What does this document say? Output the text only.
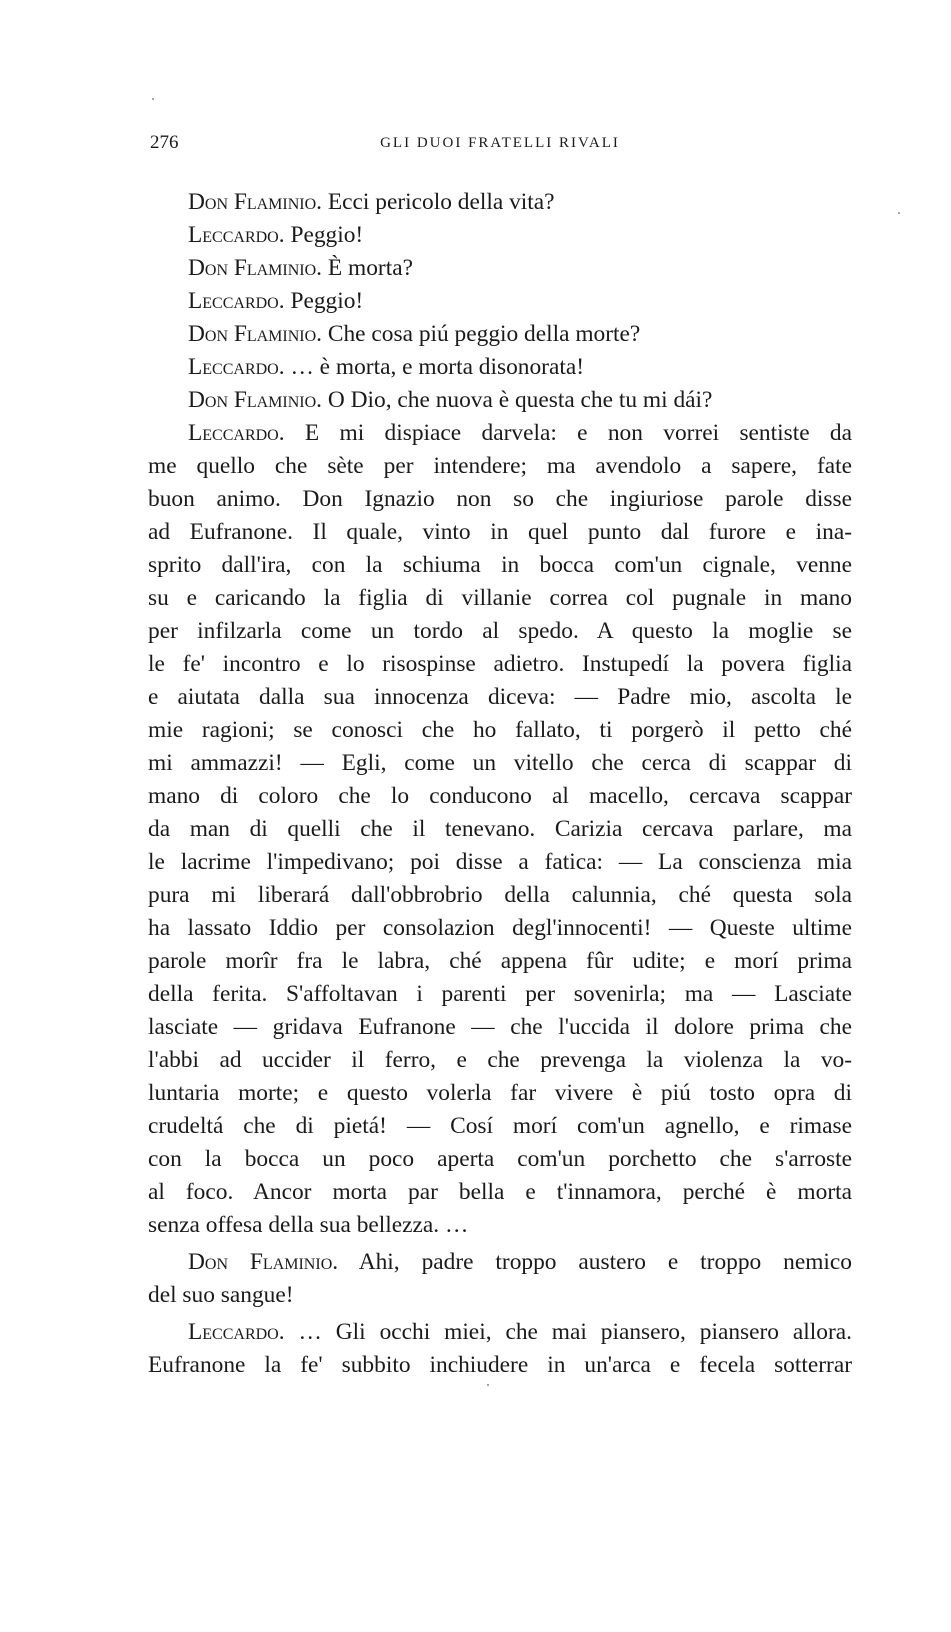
276	GLI DUOI FRATELLI RIVALI
Don Flaminio. Ecci pericolo della vita?
Leccardo. Peggio!
Don Flaminio. È morta?
Leccardo. Peggio!
Don Flaminio. Che cosa piú peggio della morte?
Leccardo. … è morta, e morta disonorata!
Don Flaminio. O Dio, che nuova è questa che tu mi dái?
Leccardo. E mi dispiace darvela: e non vorrei sentiste da
me quello che sète per intendere; ma avendolo a sapere, fate
buon animo. Don Ignazio non so che ingiuriose parole disse
ad Eufranone. Il quale, vinto in quel punto dal furore e ina-
sprito dall'ira, con la schiuma in bocca com'un cignale, venne
su e caricando la figlia di villanie correa col pugnale in mano
per infilzarla come un tordo al spedo. A questo la moglie se
le fe' incontro e lo risospinse adietro. Instupedí la povera figlia
e aiutata dalla sua innocenza diceva: — Padre mio, ascolta le
mie ragioni; se conosci che ho fallato, ti porgerò il petto ché
mi ammazzi! — Egli, come un vitello che cerca di scappar di
mano di coloro che lo conducono al macello, cercava scappar
da man di quelli che il tenevano. Carizia cercava parlare, ma
le lacrime l'impedivano; poi disse a fatica: — La conscienza mia
pura mi liberará dall'obbrobrio della calunnia, ché questa sola
ha lassato Iddio per consolazion degl'innocenti! — Queste ultime
parole morîr fra le labra, ché appena fûr udite; e morí prima
della ferita. S'affoltavan i parenti per sovenirla; ma — Lasciate
lasciate — gridava Eufranone — che l'uccida il dolore prima che
l'abbi ad uccider il ferro, e che prevenga la violenza la vo-
luntaria morte; e questo volerla far vivere è piú tosto opra di
crudeltá che di pietá! — Cosí morí com'un agnello, e rimase
con la bocca un poco aperta com'un porchetto che s'arroste
al foco. Ancor morta par bella e t'innamora, perché è morta
senza offesa della sua bellezza. …
Don Flaminio. Ahi, padre troppo austero e troppo nemico
del suo sangue!
Leccardo. … Gli occhi miei, che mai piansero, piansero allora.
Eufranone la fe' subbito inchiudere in un'arca e fecela sotterrar
